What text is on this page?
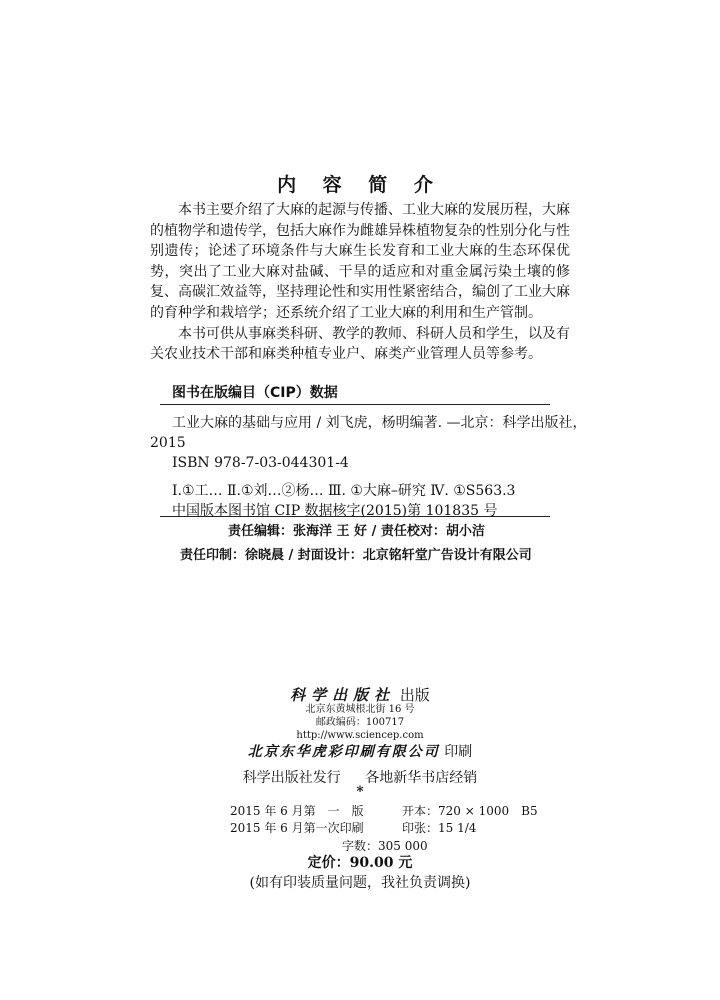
内 容 简 介

本书主要介绍了大麻的起源与传播、工业大麻的发展历程，大麻的植物学和遗传学，包括大麻作为雌雄异株植物复杂的性别分化与性别遗传；论述了环境条件与大麻生长发育和工业大麻的生态环保优势，突出了工业大麻对盐碱、干旱的适应和对重金属污染土壤的修复、高碳汇效益等，坚持理论性和实用性紧密结合，编创了工业大麻的育种学和栽培学；还系统介绍了工业大麻的利用和生产管制。

本书可供从事麻类科研、教学的教师、科研人员和学生，以及有关农业技术干部和麻类种植专业户、麻类产业管理人员等参考。

图书在版编目（CIP）数据
工业大麻的基础与应用 / 刘飞虎，杨明编著. —北京：科学出版社，
2015
ISBN 978-7-03-044301-4
Ⅰ.①工… Ⅱ.①刘…②杨… Ⅲ. ①大麻–研究 Ⅳ. ①S563.3
中国版本图书馆 CIP 数据核字(2015)第 101835 号
责任编辑：张海洋 王 好 / 责任校对：胡小洁
责任印制：徐晓晨 / 封面设计：北京铭轩堂广告设计有限公司
科学出版社 出版
北京东黄城根北街 16 号
邮政编码：100717
http://www.sciencep.com
北京东华虎彩印刷有限公司 印刷
科学出版社发行 各地新华书店经销
*
2015 年 6 月第　一　版	开本：720 × 1000　B5
2015 年 6 月第一次印刷	印张：15 1/4
字数：305 000
定价：90.00 元
(如有印装质量问题，我社负责调换)
